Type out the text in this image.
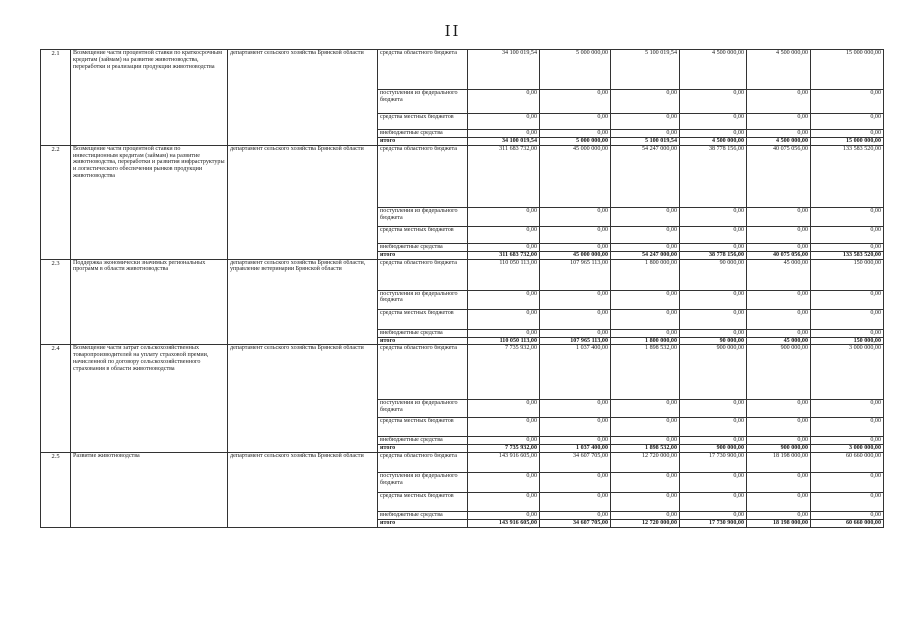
II
2.1	Возмещение части процентной ставки по краткосрочным кредитам (займам) на развитие животноводства, переработки и реализации продукции животноводства	департамент сельского хозяйства Брянской области	средства областного бюджета	34 100 019,54	5 000 000,00	5 100 019,54	4 500 000,00	4 500 000,00	15 000 000,00
			поступления из федерального бюджета	0,00	0,00	0,00	0,00	0,00	0,00
			средства местных бюджетов	0,00	0,00	0,00	0,00	0,00	0,00
			внебюджетные средства	0,00	0,00	0,00	0,00	0,00	0,00
			итого	34 100 019,54	5 000 000,00	5 100 019,54	4 500 000,00	4 500 000,00	15 000 000,00
2.2	Возмещение части процентной ставки по инвестиционным кредитам (займам) на развитие животноводства, переработки и развития инфраструктуры и логистического обеспечения рынков продукции животноводства	департамент сельского хозяйства Брянской области	средства областного бюджета	311 683 732,00	45 000 000,00	54 247 000,00	38 778 156,00	40 075 056,00	133 583 520,00
			поступления из федерального бюджета	0,00	0,00	0,00	0,00	0,00	0,00
			средства местных бюджетов	0,00	0,00	0,00	0,00	0,00	0,00
			внебюджетные средства	0,00	0,00	0,00	0,00	0,00	0,00
			итого	311 683 732,00	45 000 000,00	54 247 000,00	38 778 156,00	40 075 056,00	133 583 520,00
2.3	Поддержка экономически значимых региональных программ в области животноводства	департамент сельского хозяйства Брянской области, управление ветеринарии Брянской области	средства областного бюджета	110 050 113,00	107 965 113,00	1 800 000,00	90 000,00	45 000,00	150 000,00
			поступления из федерального бюджета	0,00	0,00	0,00	0,00	0,00	0,00
			средства местных бюджетов	0,00	0,00	0,00	0,00	0,00	0,00
			внебюджетные средства	0,00	0,00	0,00	0,00	0,00	0,00
			итого	110 050 113,00	107 965 113,00	1 800 000,00	90 000,00	45 000,00	150 000,00
2.4	Возмещение части затрат сельскохозяйственных товаропроизводителей на уплату страховой премии, начисленной по договору сельскохозяйственного страхования в области животноводства	департамент сельского хозяйства Брянской области	средства областного бюджета	7 735 932,00	1 037 400,00	1 898 532,00	900 000,00	900 000,00	3 000 000,00
			поступления из федерального бюджета	0,00	0,00	0,00	0,00	0,00	0,00
			средства местных бюджетов	0,00	0,00	0,00	0,00	0,00	0,00
			внебюджетные средства	0,00	0,00	0,00	0,00	0,00	0,00
			итого	7 735 932,00	1 037 400,00	1 898 532,00	900 000,00	900 000,00	3 000 000,00
2.5	Развитие животноводства	департамент сельского хозяйства Брянской области	средства областного бюджета	143 916 605,00	34 607 705,00	12 720 000,00	17 730 900,00	18 198 000,00	60 660 000,00
			поступления из федерального бюджета	0,00	0,00	0,00	0,00	0,00	0,00
			средства местных бюджетов	0,00	0,00	0,00	0,00	0,00	0,00
			внебюджетные средства	0,00	0,00	0,00	0,00	0,00	0,00
			итого	143 916 605,00	34 607 705,00	12 720 000,00	17 730 900,00	18 198 000,00	60 660 000,00
